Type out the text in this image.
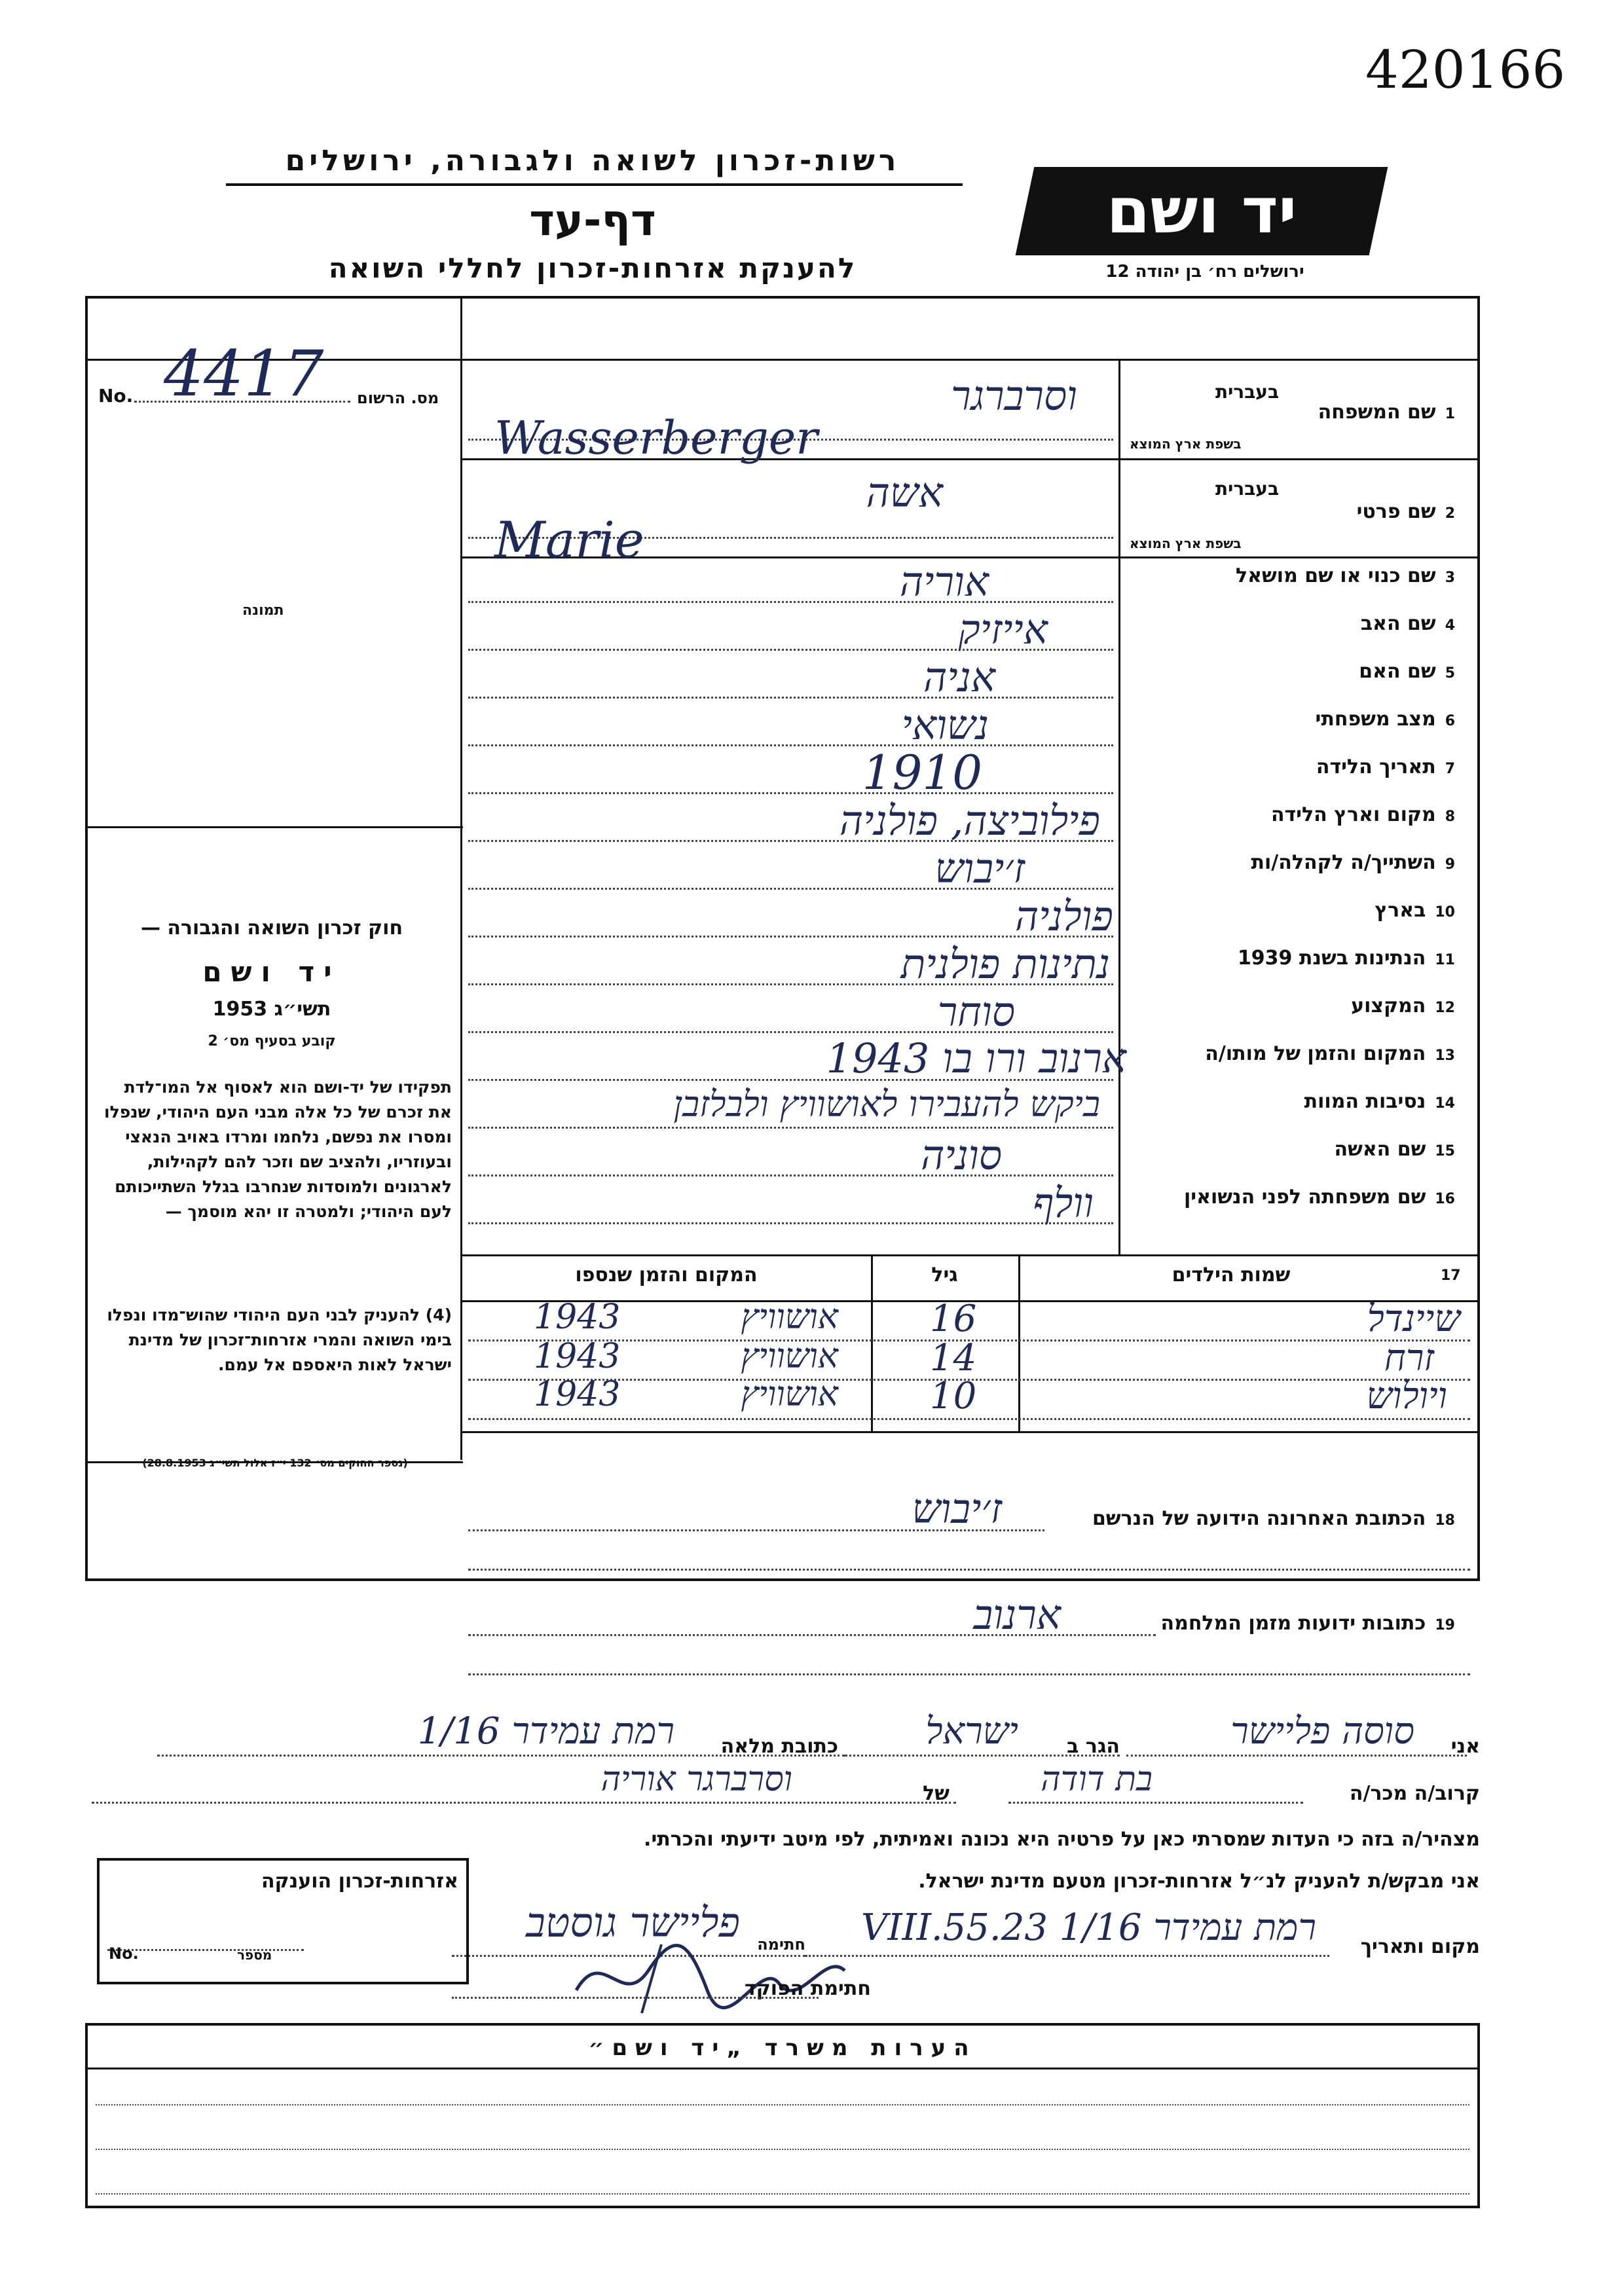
420166
רשות-זכרון לשואה ולגבורה, ירושלים
דף-עד
להענקת אזרחות-זכרון לחללי השואה
יד ושם
ירושלים רח׳ בן יהודה 12
No. 4417 מס. הרשום
תמונה
1שם המשפחה
בעברית
בשפת ארץ המוצא
2שם פרטי
בעברית
בשפת ארץ המוצא
3שם כנוי או שם מושאל
4שם האב
5שם האם
6מצב משפחתי
7תאריך הלידה
8מקום וארץ הלידה
9השתייך/ה לקהלה/ות
10בארץ
11הנתינות בשנת 1939
12המקצוע
13המקום והזמן של מותו/ה
14נסיבות המוות
15שם האשה
16שם משפחתה לפני הנשואין
וסרברגר
Wasserberger
אשה
Marie
אוריה
אייזיק
אניה
נשואי
1910
פילוביצה, פולניה
ז׳יבוש
פולניה
נתינות פולנית
סוחר
ארנוב ורו בו 1943
ביקש להעבירו לאושוויץ ולבלזבן
סוניה
וולף
17
שמות הילדים
גיל
המקום והזמן שנספו
שיינדל
16
אושוויץ
1943
זרח
14
אושוויץ
1943
ויולוש
10
אושוויץ
1943
חוק זכרון השואה והגבורה —
יד ושם
תשי״ג 1953
קובע בסעיף מס׳ 2
תפקידו של יד-ושם הוא לאסוף אל המו־לדת את זכרם של כל אלה מבני העם היהודי, שנפלו ומסרו את נפשם, נלחמו ומרדו באויב הנאצי ובעוזריו, ולהציב שם וזכר להם לקהילות, לארגונים ולמוסדות שנחרבו בגלל השתייכותם לעם היהודי; ולמטרה זו יהא מוסמך —
(4) להעניק לבני העם היהודי שהוש־מדו ונפלו בימי השואה והמרי אזרחות־זכרון של מדינת ישראל לאות היאספם אל עמם.
(נספר החוקים מס׳ 132 י״ז אלול תשי״ג 28.8.1953)
18הכתובת האחרונה הידועה של הנרשם
ז׳יבוש
19כתובות ידועות מזמן המלחמה
ארנוב
אני
סוסה פליישר
הגר ב
ישראל
כתובת מלאה
רמת עמידר 1/16
קרוב/ה מכר/ה
בת דודה
של
וסרברגר אוריה
מצהיר/ה בזה כי העדות שמסרתי כאן על פרטיה היא נכונה ואמיתית, לפי מיטב ידיעתי והכרתי.
אני מבקש/ת להעניק לנ״ל אזרחות-זכרון מטעם מדינת ישראל.
מקום ותאריך
רמת עמידר 1/16 23.VIII.55
חתימה
פליישר גוסטב
חתימת הפוקד
אזרחות-זכרון הוענקה
No.	מספר
הערות משרד „יד ושם״
